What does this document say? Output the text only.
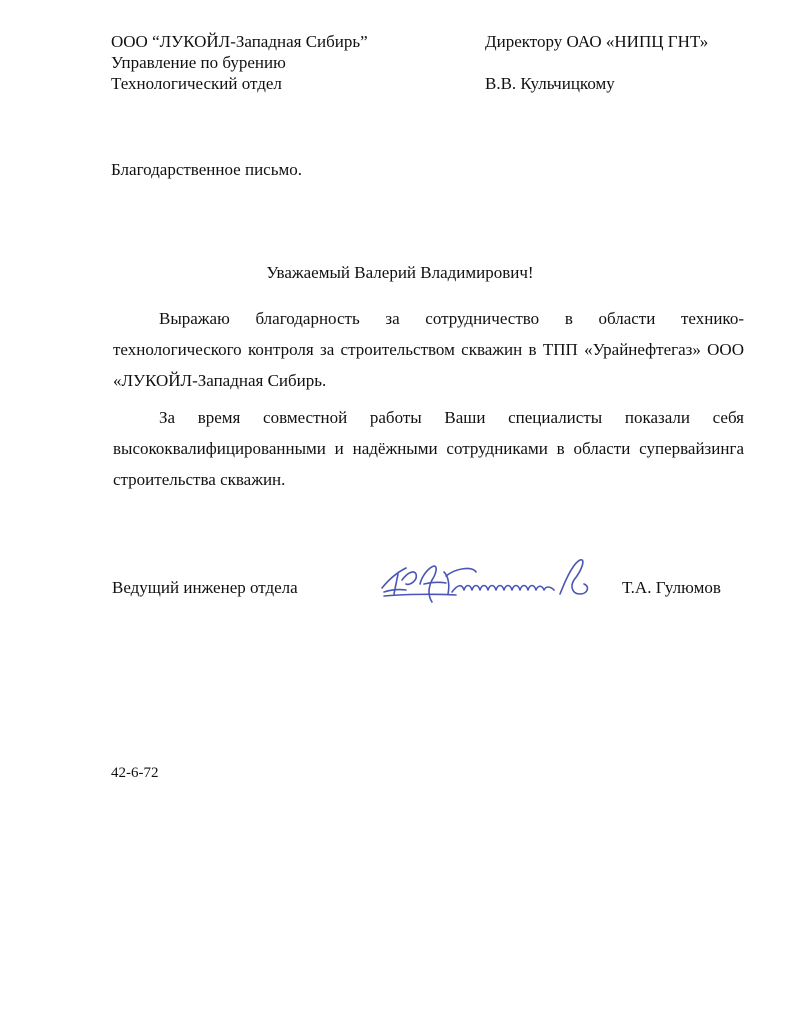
ООО “ЛУКОЙЛ-Западная Сибирь”
Управление по бурению
Технологический отдел
Директору ОАО «НИПЦ ГНТ»
В.В. Кульчицкому
Благодарственное письмо.
Уважаемый Валерий Владимирович!

Выражаю благодарность за сотрудничество в области технико-технологического контроля за строительством скважин в ТПП «Урайнефтегаз» ООО «ЛУКОЙЛ-Западная Сибирь.

За время совместной работы Ваши специалисты показали себя высококвалифицированными и надёжными сотрудниками в области супервайзинга строительства скважин.

Ведущий инженер отдела	Т.А. Гулюмов
42-6-72
